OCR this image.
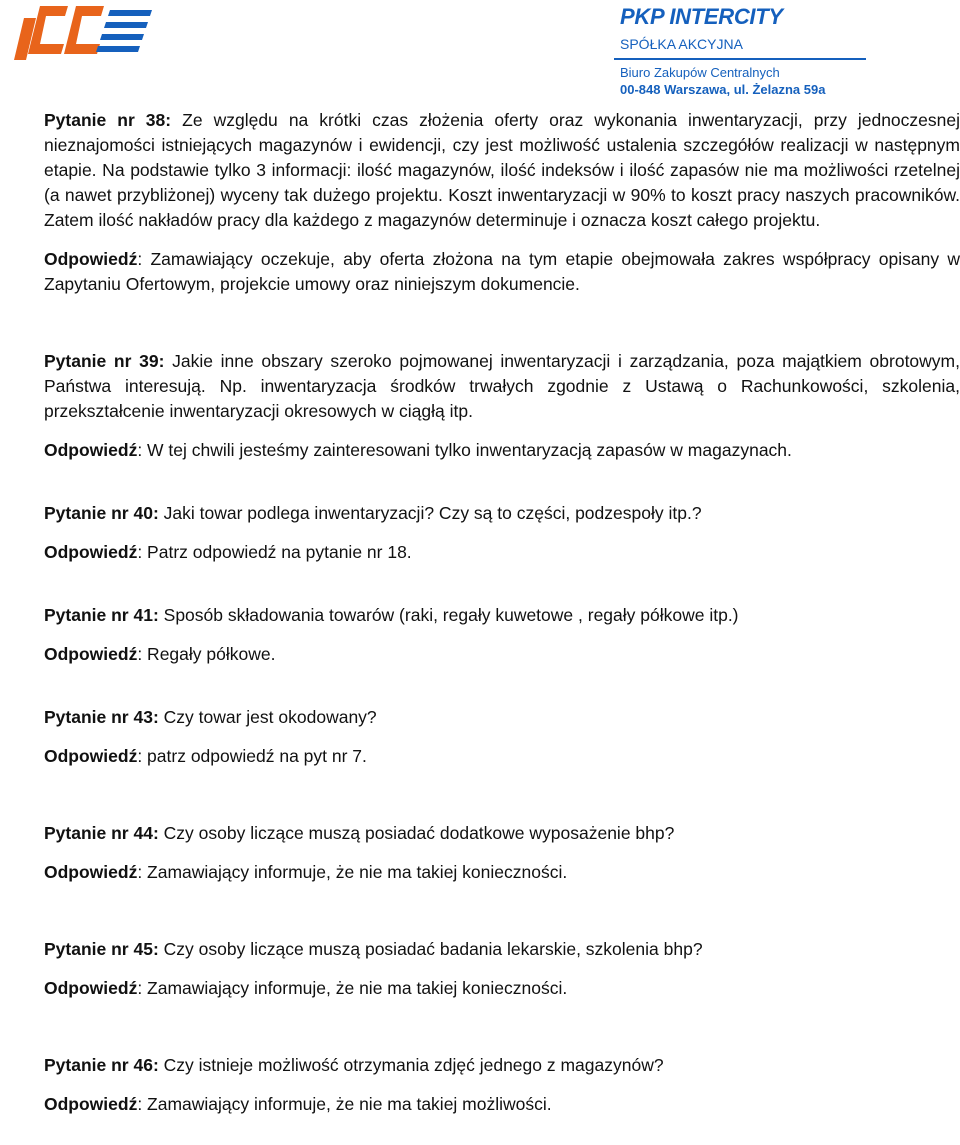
PKP INTERCITY
SPÓŁKA AKCYJNA
Biuro Zakupów Centralnych
00-848 Warszawa, ul. Żelazna 59a

Pytanie nr 38: Ze względu na krótki czas złożenia oferty oraz wykonania inwentaryzacji, przy jednoczesnej nieznajomości istniejących magazynów i ewidencji, czy jest możliwość ustalenia szczegółów realizacji w następnym etapie. Na podstawie tylko 3 informacji: ilość magazynów, ilość indeksów i ilość zapasów nie ma możliwości rzetelnej (a nawet przybliżonej) wyceny tak dużego projektu. Koszt inwentaryzacji w 90% to koszt pracy naszych pracowników. Zatem ilość nakładów pracy dla każdego z magazynów determinuje i oznacza koszt całego projektu.

Odpowiedź: Zamawiający oczekuje, aby oferta złożona na tym etapie obejmowała zakres współpracy opisany w Zapytaniu Ofertowym, projekcie umowy oraz niniejszym dokumencie.

Pytanie nr 39: Jakie inne obszary szeroko pojmowanej inwentaryzacji i zarządzania, poza majątkiem obrotowym, Państwa interesują. Np. inwentaryzacja środków trwałych zgodnie z Ustawą o Rachunkowości, szkolenia, przekształcenie inwentaryzacji okresowych w ciągłą itp.

Odpowiedź: W tej chwili jesteśmy zainteresowani tylko inwentaryzacją zapasów w magazynach.

Pytanie nr 40: Jaki towar podlega inwentaryzacji? Czy są to części, podzespoły itp.?

Odpowiedź: Patrz odpowiedź na pytanie nr 18.

Pytanie nr 41: Sposób składowania towarów (raki, regały kuwetowe , regały półkowe itp.)

Odpowiedź: Regały półkowe.

Pytanie nr 43: Czy towar jest okodowany?

Odpowiedź: patrz odpowiedź na pyt nr 7.

Pytanie nr 44: Czy osoby liczące muszą posiadać dodatkowe wyposażenie bhp?

Odpowiedź: Zamawiający informuje, że nie ma takiej konieczności.

Pytanie nr 45: Czy osoby liczące muszą posiadać badania lekarskie, szkolenia bhp?

Odpowiedź: Zamawiający informuje, że nie ma takiej konieczności.

Pytanie nr 46: Czy istnieje możliwość otrzymania zdjęć jednego z magazynów?

Odpowiedź: Zamawiający informuje, że nie ma takiej możliwości.
